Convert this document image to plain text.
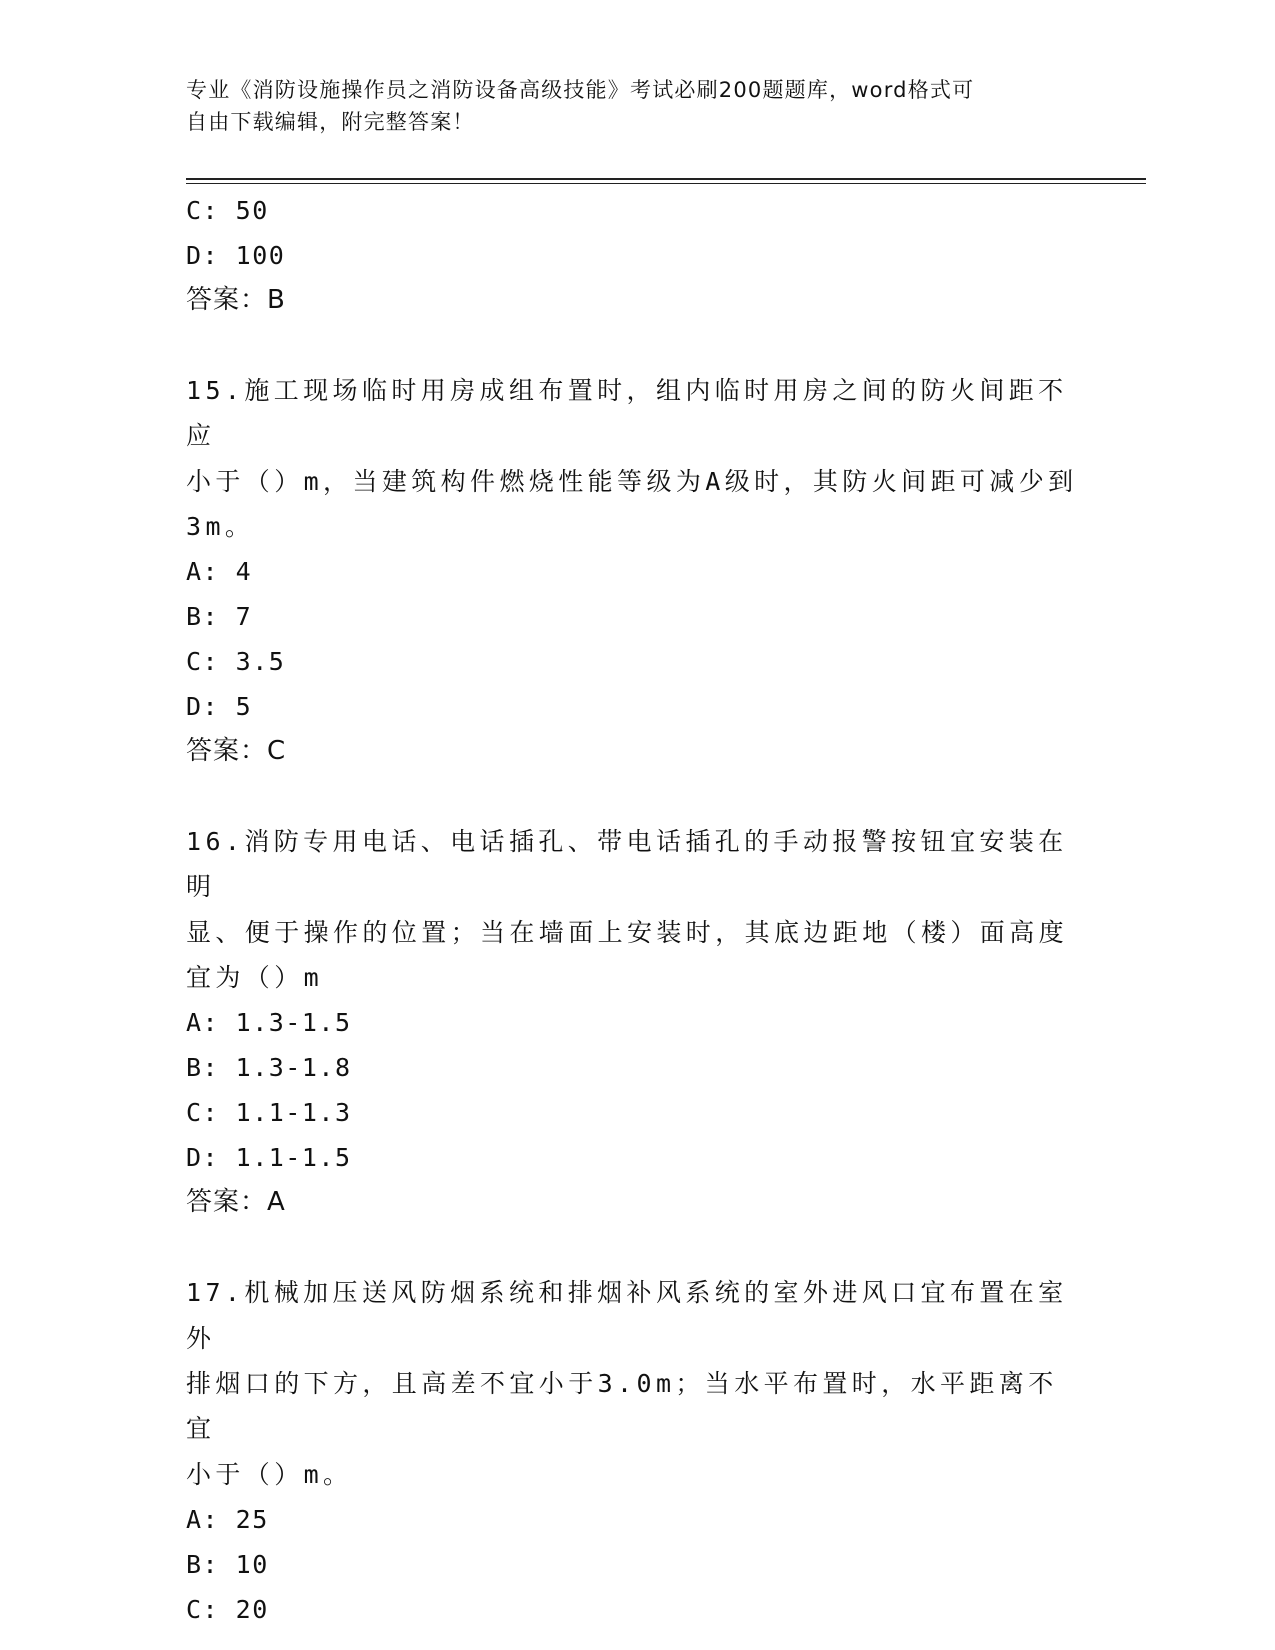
专业《消防设施操作员之消防设备高级技能》考试必刷200题题库，word格式可
自由下载编辑，附完整答案！
C: 50
D: 100
答案：B
15.施工现场临时用房成组布置时，组内临时用房之间的防火间距不应
小于（）m，当建筑构件燃烧性能等级为A级时，其防火间距可减少到
3m。
A: 4
B: 7
C: 3.5
D: 5
答案：C
16.消防专用电话、电话插孔、带电话插孔的手动报警按钮宜安装在明
显、便于操作的位置；当在墙面上安装时，其底边距地（楼）面高度
宜为（）m
A: 1.3-1.5
B: 1.3-1.8
C: 1.1-1.3
D: 1.1-1.5
答案：A
17.机械加压送风防烟系统和排烟补风系统的室外进风口宜布置在室外
排烟口的下方，且高差不宜小于3.0m；当水平布置时，水平距离不宜
小于（）m。
A: 25
B: 10
C: 20
